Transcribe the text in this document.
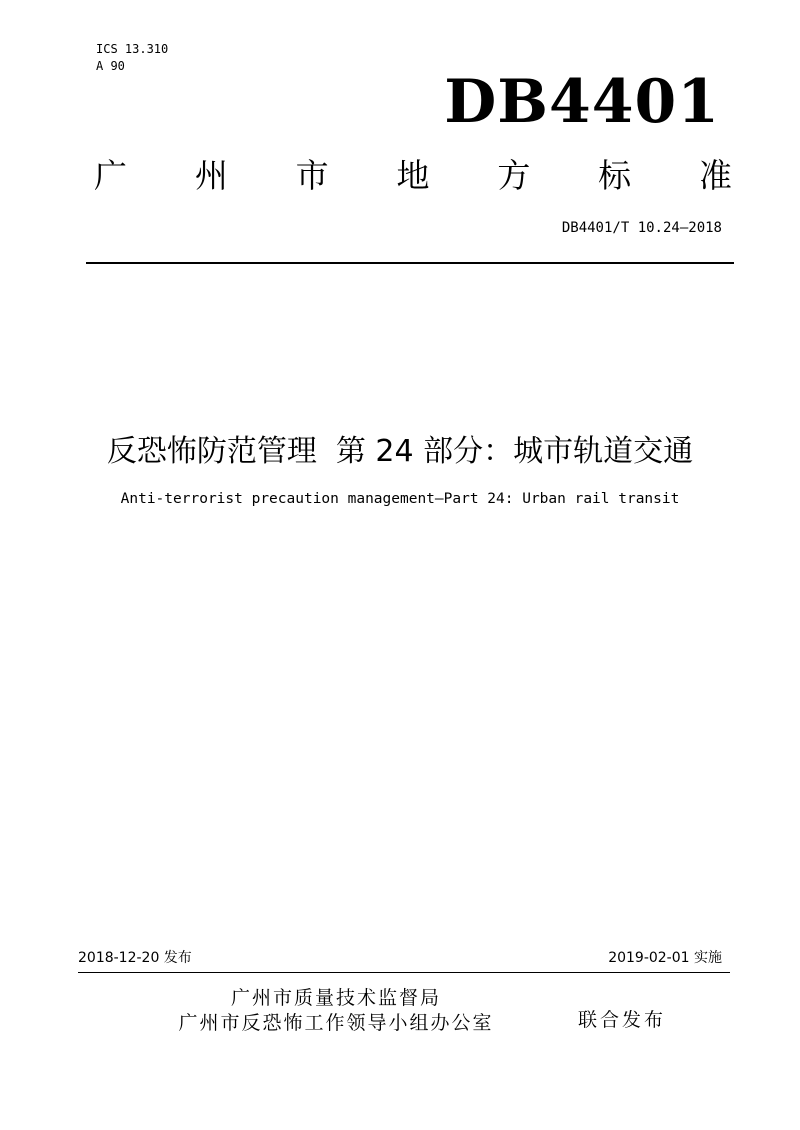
ICS 13.310
A 90
DB4401
广 州 市 地 方 标 准
DB4401/T 10.24—2018
反恐怖防范管理  第 24 部分：城市轨道交通
Anti-terrorist precaution management—Part 24: Urban rail transit
2018-12-20 发布	2019-02-01 实施
广州市质量技术监督局
广州市反恐怖工作领导小组办公室	联合发布
